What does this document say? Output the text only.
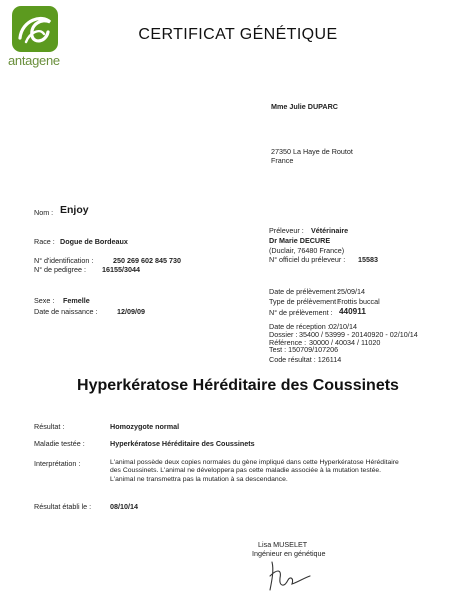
antagene
CERTIFICAT GÉNÉTIQUE
Mme Julie DUPARC
27350 La Haye de Routot
France
Nom : Enjoy
Race : Dogue de Bordeaux
N° d'identification :	250 269 602 845 730
N° de pedigree : 16155/3044
Sexe : Femelle
Date de naissance :	12/09/09
Préleveur : Vétérinaire
Dr Marie DECURE
(Duclair, 76480 France)
N° officiel du préleveur : 15583
Date de prélèvement :
25/09/14
Type de prélèvement :
Frottis buccal
N° de prélèvement : 440911
Date de réception : 02/10/14
Dossier : 35400 / 53999 - 20140920 - 02/10/14
Référence : 30000 / 40034 / 11020
Test : 150709/107206
Code résultat : 126114
Hyperkératose Héréditaire des Coussinets
Résultat :	Homozygote normal
Maladie testée :	Hyperkératose Héréditaire des Coussinets
Interprétation :	L'animal possède deux copies normales du gène impliqué dans cette Hyperkératose Héréditaire
des Coussinets. L'animal ne développera pas cette maladie associée à la mutation testée.
L'animal ne transmettra pas la mutation à sa descendance.
Résultat établi le :	08/10/14
Lisa MUSELET
Ingénieur en génétique
